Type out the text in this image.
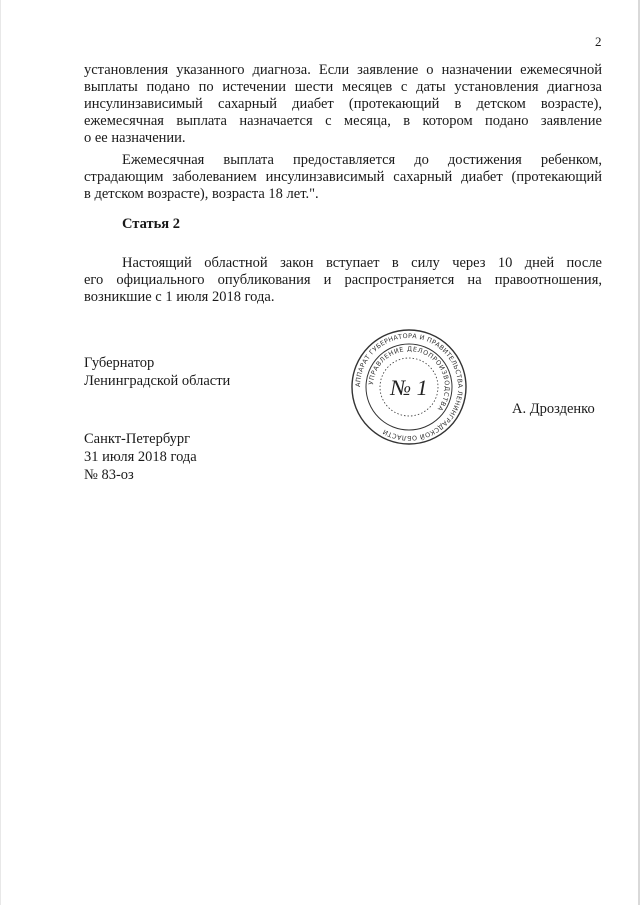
2
установления указанного диагноза. Если заявление о назначении ежемесячной
выплаты подано по истечении шести месяцев с даты установления диагноза
инсулинзависимый сахарный диабет (протекающий в детском возрасте),
ежемесячная выплата назначается с месяца, в котором подано заявление
о ее назначении.
Ежемесячная выплата предоставляется до достижения ребенком,
страдающим заболеванием инсулинзависимый сахарный диабет (протекающий
в детском возрасте), возраста 18 лет.".
Статья 2
Настоящий областной закон вступает в силу через 10 дней после
его официального опубликования и распространяется на правоотношения,
возникшие с 1 июля 2018 года.
Губернатор
Ленинградской области	АППАРАТ ГУБЕРНАТОРА И ПРАВИТЕЛЬСТВА ЛЕНИНГРАДСКОЙ ОБЛАСТИ
УПРАВЛЕНИЕ ДЕЛОПРОИЗВОДСТВА
№ 1
А. Дрозденко
Санкт-Петербург
31 июля 2018 года
№ 83-оз
